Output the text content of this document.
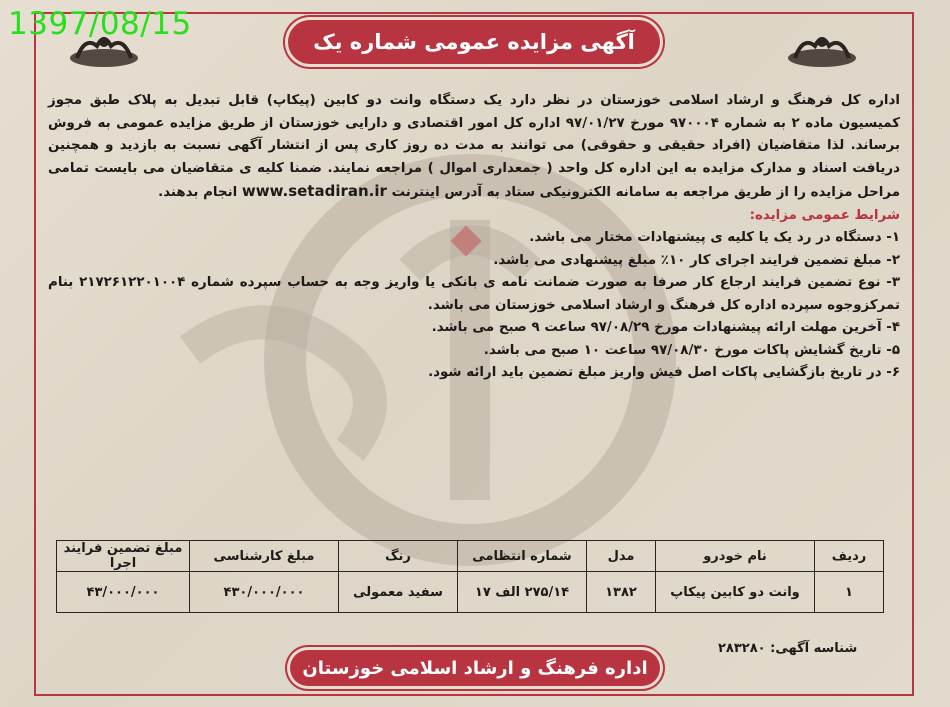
1397/08/15	آگهی مزایده عمومی شماره یک

اداره کل فرهنگ و ارشاد اسلامی خوزستان در نظر دارد یک دستگاه وانت دو کابین (پیکاپ) قابل تبدیل به پلاک طبق مجوز کمیسیون ماده ۲ به شماره ۹۷۰۰۰۴ مورخ ۹۷/۰۱/۲۷ اداره کل امور اقتصادی و دارایی خوزستان از طریق مزایده عمومی به فروش برساند. لذا متقاضیان (افراد حقیقی و حقوقی) می توانند به مدت ده روز کاری پس از انتشار آگهی نسبت به بازدید و همچنین دریافت اسناد و مدارک مزایده به این اداره کل واحد ( جمعداری اموال ) مراجعه نمایند. ضمنا کلیه ی متقاضیان می بایست تمامی مراحل مزایده را از طریق مراجعه به سامانه الکترونیکی ستاد به آدرس اینترنت www.setadiran.ir انجام بدهند.

شرایط عمومی مزایده:

۱- دستگاه در رد یک یا کلیه ی پیشنهادات مختار می باشد.

۲- مبلغ تضمین فرایند اجرای کار ۱۰٪ مبلغ پیشنهادی می باشد.

۳- نوع تضمین فرایند ارجاع کار صرفا به صورت ضمانت نامه ی بانکی یا واریز وجه به حساب سپرده شماره ۲۱۷۲۶۱۲۲۰۱۰۰۴ بنام تمرکزوجوه سپرده اداره کل فرهنگ و ارشاد اسلامی خوزستان می باشد.

۴- آخرین مهلت ارائه پیشنهادات مورخ ۹۷/۰۸/۲۹ ساعت ۹ صبح می باشد.

۵- تاریخ گشایش پاکات مورخ ۹۷/۰۸/۳۰ ساعت ۱۰ صبح می باشد.

۶- در تاریخ بازگشایی پاکات اصل فیش واریز مبلغ تضمین باید ارائه شود.

ردیف	نام خودرو	مدل	شماره انتظامی	رنگ	مبلغ کارشناسی	مبلغ تضمین فرایند اجرا
۱	وانت دو کابین پیکاپ	۱۳۸۲	۲۷۵/۱۴ الف ۱۷	سفید معمولی	۴۳۰/۰۰۰/۰۰۰	۴۳/۰۰۰/۰۰۰
شناسه آگهی: ۲۸۳۲۸۰
اداره فرهنگ و ارشاد اسلامی خوزستان
